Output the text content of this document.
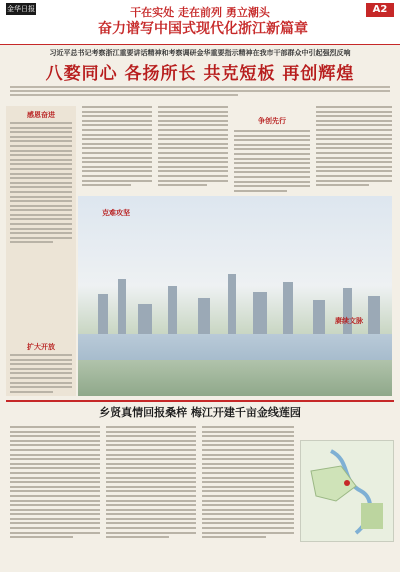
金华日报	干在实处 走在前列 勇立潮头
奋力谱写中国式现代化浙江新篇章
A2
习近平总书记考察浙江重要讲话精神和考察调研金华重要指示精神在我市干部群众中引起强烈反响
八婺同心 各扬所长 共克短板 再创辉煌
感恩奋进
扩大开放
争创先行
克难攻坚
赓续文脉
乡贤真情回报桑梓 梅江开建千亩金线莲园
